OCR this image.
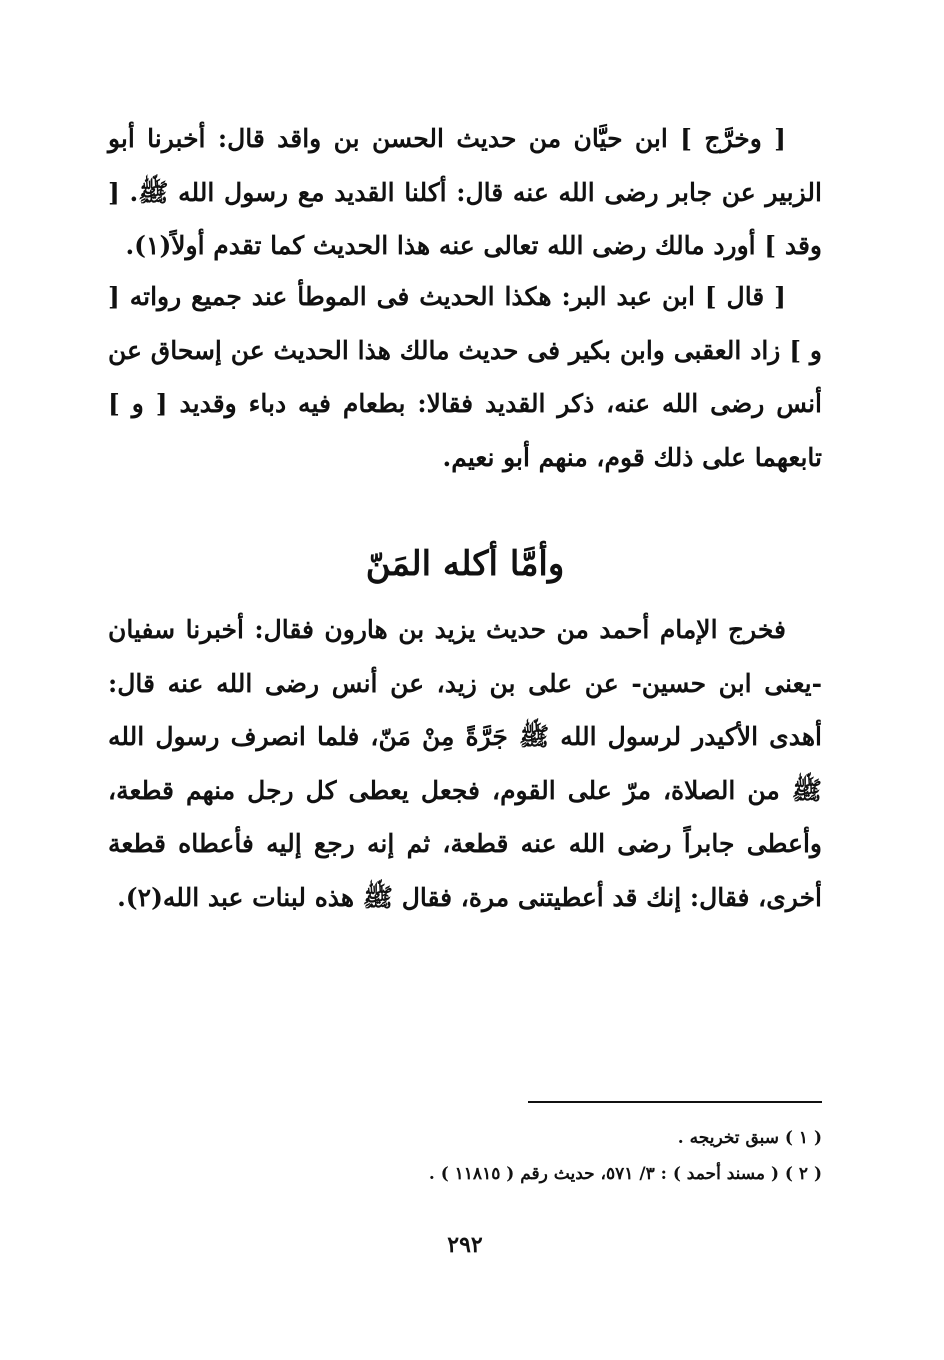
[ وخرَّج ] ابن حيَّان من حديث الحسن بن واقد قال: أخبرنا أبو الزبير عن جابر رضى الله عنه قال: أكلنا القديد مع رسول الله ﷺ. [ وقد ] أورد مالك رضى الله تعالى عنه هذا الحديث كما تقدم أولاً(١).

[ قال ] ابن عبد البر: هكذا الحديث فى الموطأ عند جميع رواته [ و ] زاد العقبى وابن بكير فى حديث مالك هذا الحديث عن إسحاق عن أنس رضى الله عنه، ذكر القديد فقالا: بطعام فيه دباء وقديد [ و ] تابعهما على ذلك قوم، منهم أبو نعيم.

وأمَّا أكله المَنّ

فخرج الإمام أحمد من حديث يزيد بن هارون فقال: أخبرنا سفيان -يعنى ابن حسين- عن على بن زيد، عن أنس رضى الله عنه قال: أهدى الأكيدر لرسول الله ﷺ جَرَّةً مِنْ مَنّ، فلما انصرف رسول الله ﷺ من الصلاة، مرّ على القوم، فجعل يعطى كل رجل منهم قطعة، وأعطى جابراً رضى الله عنه قطعة، ثم إنه رجع إليه فأعطاه قطعة أخرى، فقال: إنك قد أعطيتنى مرة، فقال ﷺ هذه لبنات عبد الله(٢).

( ١ ) سبق تخريجه .
( ٢ ) ( مسند أحمد ) : ٣/ ٥٧١، حديث رقم ( ١١٨١٥ ) .
٢٩٢
